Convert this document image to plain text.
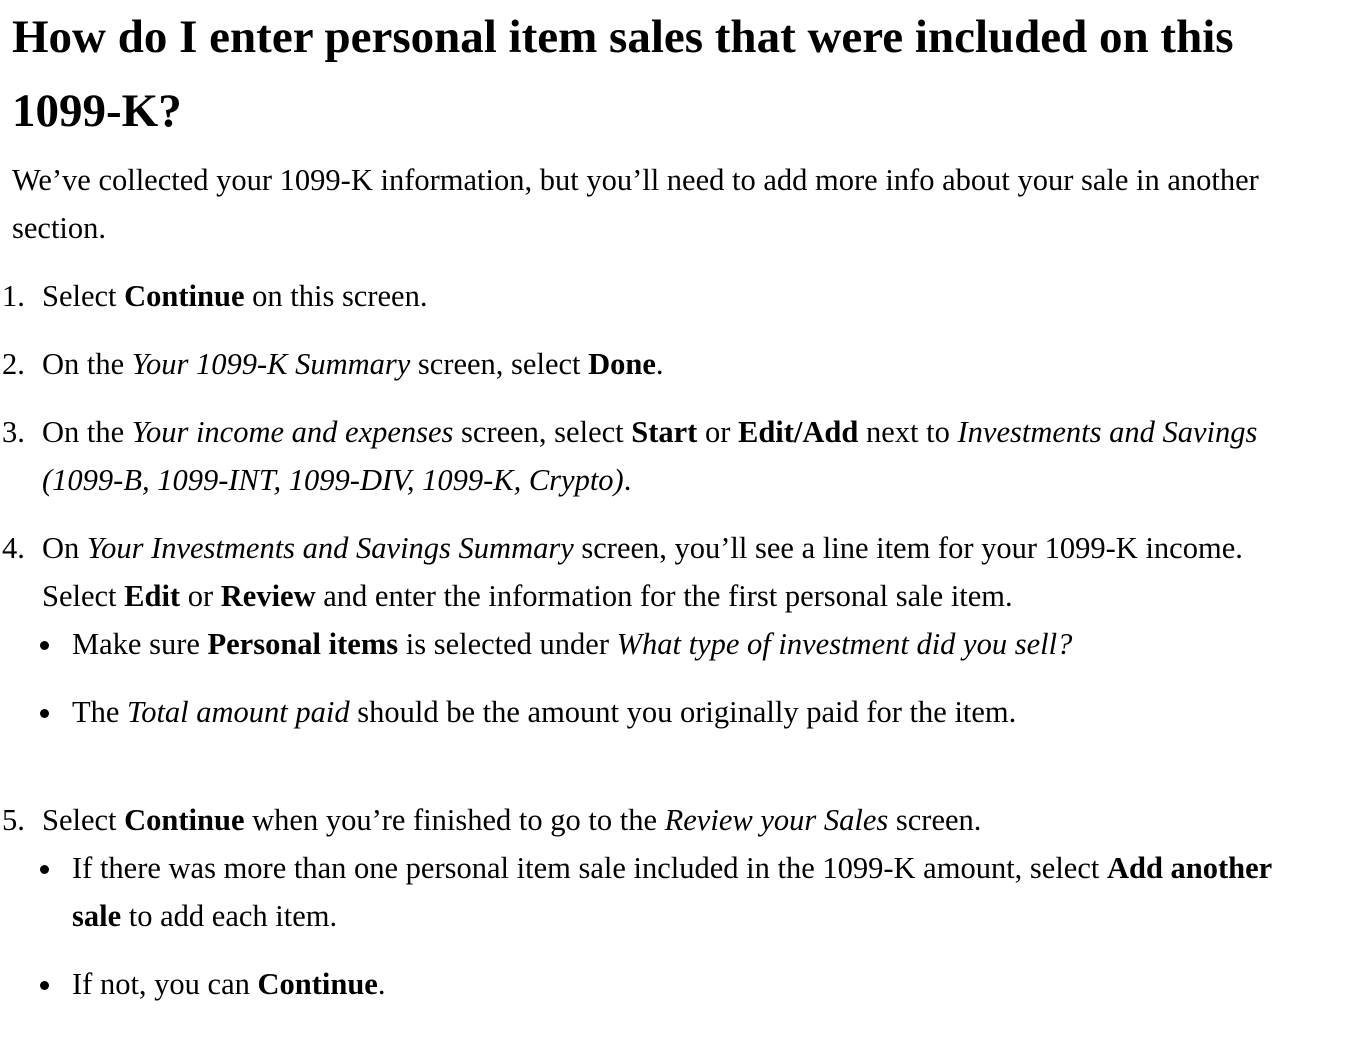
How do I enter personal item sales that were included on this
1099-K?

We’ve collected your 1099-K information, but you’ll need to add more info about your sale in another
section.

1. Select Continue on this screen.
2. On the Your 1099-K Summary screen, select Done.
3. On the Your income and expenses screen, select Start or Edit/Add next to Investments and Savings
(1099-B, 1099-INT, 1099-DIV, 1099-K, Crypto).
4. On Your Investments and Savings Summary screen, you’ll see a line item for your 1099-K income.
Select Edit or Review and enter the information for the first personal sale item.
Make sure Personal items is selected under What type of investment did you sell?
The Total amount paid should be the amount you originally paid for the item.
5. Select Continue when you’re finished to go to the Review your Sales screen.
If there was more than one personal item sale included in the 1099-K amount, select Add another
sale to add each item.
If not, you can Continue.
